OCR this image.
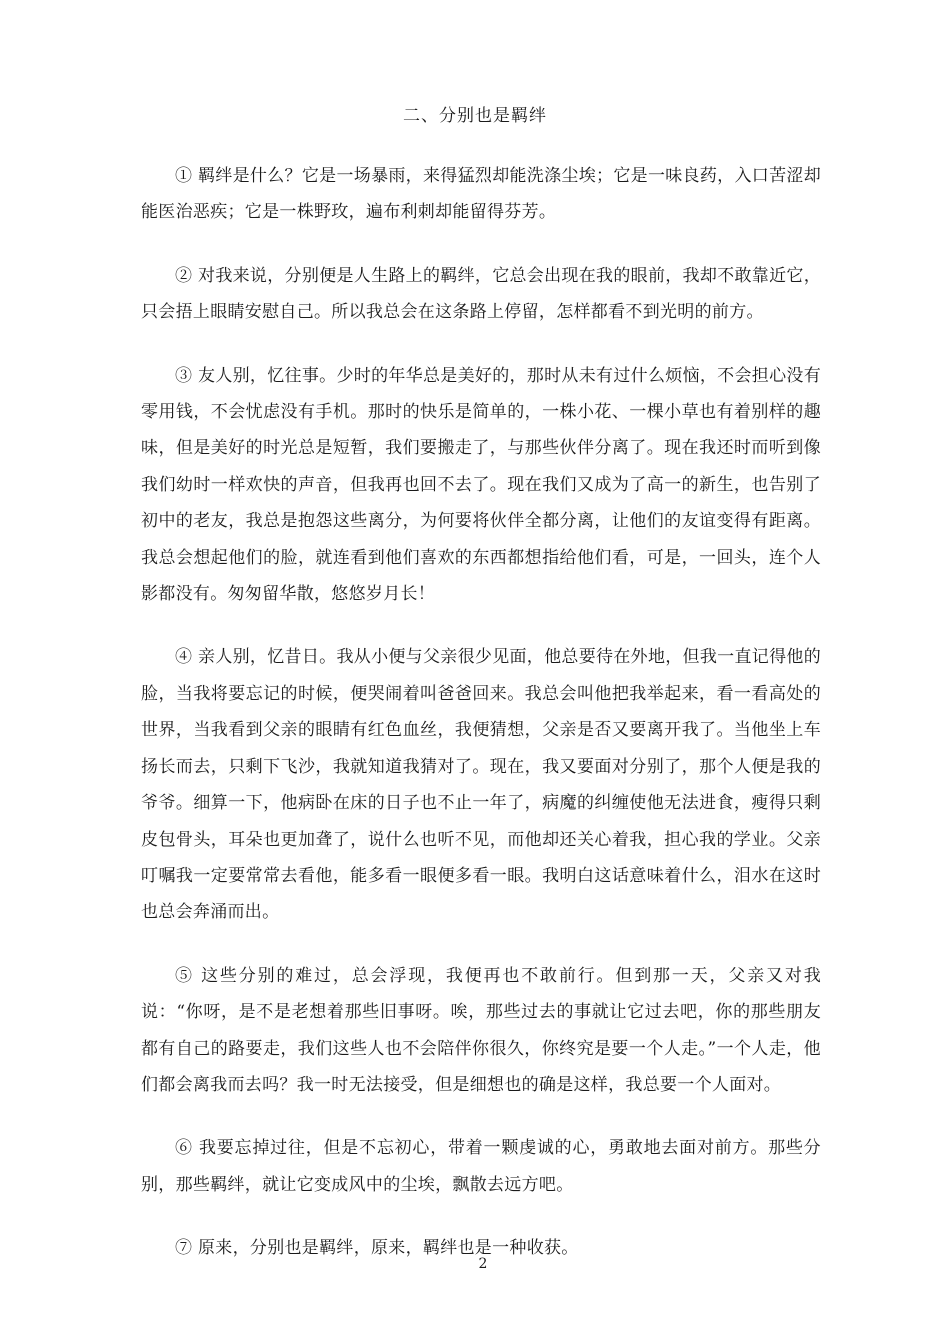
二、分别也是羁绊

① 羁绊是什么？它是一场暴雨，来得猛烈却能洗涤尘埃；它是一味良药，入口苦涩却能医治恶疾；它是一株野玫，遍布利刺却能留得芬芳。

② 对我来说，分别便是人生路上的羁绊，它总会出现在我的眼前，我却不敢靠近它，只会捂上眼睛安慰自己。所以我总会在这条路上停留，怎样都看不到光明的前方。

③ 友人别，忆往事。少时的年华总是美好的，那时从未有过什么烦恼，不会担心没有零用钱，不会忧虑没有手机。那时的快乐是简单的，一株小花、一棵小草也有着别样的趣味，但是美好的时光总是短暂，我们要搬走了，与那些伙伴分离了。现在我还时而听到像我们幼时一样欢快的声音，但我再也回不去了。现在我们又成为了高一的新生，也告别了初中的老友，我总是抱怨这些离分，为何要将伙伴全都分离，让他们的友谊变得有距离。我总会想起他们的脸，就连看到他们喜欢的东西都想指给他们看，可是，一回头，连个人影都没有。匆匆留华散，悠悠岁月长！

④ 亲人别，忆昔日。我从小便与父亲很少见面，他总要待在外地，但我一直记得他的脸，当我将要忘记的时候，便哭闹着叫爸爸回来。我总会叫他把我举起来，看一看高处的世界，当我看到父亲的眼睛有红色血丝，我便猜想，父亲是否又要离开我了。当他坐上车扬长而去，只剩下飞沙，我就知道我猜对了。现在，我又要面对分别了，那个人便是我的爷爷。细算一下，他病卧在床的日子也不止一年了，病魔的纠缠使他无法进食，瘦得只剩皮包骨头，耳朵也更加聋了，说什么也听不见，而他却还关心着我，担心我的学业。父亲叮嘱我一定要常常去看他，能多看一眼便多看一眼。我明白这话意味着什么，泪水在这时也总会奔涌而出。

⑤ 这些分别的难过，总会浮现，我便再也不敢前行。但到那一天，父亲又对我说：“你呀，是不是老想着那些旧事呀。唉，那些过去的事就让它过去吧，你的那些朋友都有自己的路要走，我们这些人也不会陪伴你很久，你终究是要一个人走。”一个人走，他们都会离我而去吗？我一时无法接受，但是细想也的确是这样，我总要一个人面对。

⑥ 我要忘掉过往，但是不忘初心，带着一颗虔诚的心，勇敢地去面对前方。那些分别，那些羁绊，就让它变成风中的尘埃，飘散去远方吧。

⑦ 原来，分别也是羁绊，原来，羁绊也是一种收获。

2
